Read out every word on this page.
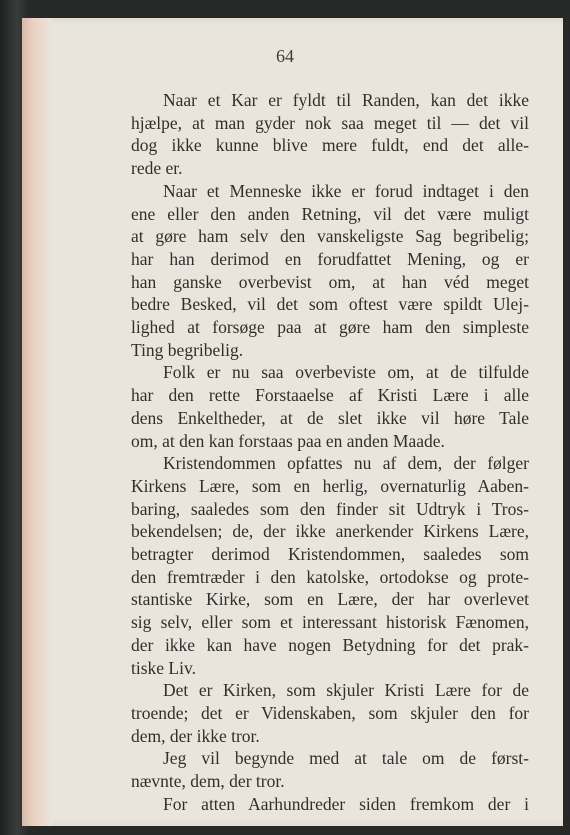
64
Naar et Kar er fyldt til Randen, kan det ikke
hjælpe, at man gyder nok saa meget til — det vil
dog ikke kunne blive mere fuldt, end det alle-
rede er.
Naar et Menneske ikke er forud indtaget i den
ene eller den anden Retning, vil det være muligt
at gøre ham selv den vanskeligste Sag begribelig;
har han derimod en forudfattet Mening, og er
han ganske overbevist om, at han véd meget
bedre Besked, vil det som oftest være spildt Ulej-
lighed at forsøge paa at gøre ham den simpleste
Ting begribelig.
Folk er nu saa overbeviste om, at de tilfulde
har den rette Forstaaelse af Kristi Lære i alle
dens Enkeltheder, at de slet ikke vil høre Tale
om, at den kan forstaas paa en anden Maade.
Kristendommen opfattes nu af dem, der følger
Kirkens Lære, som en herlig, overnaturlig Aaben-
baring, saaledes som den finder sit Udtryk i Tros-
bekendelsen; de, der ikke anerkender Kirkens Lære,
betragter derimod Kristendommen, saaledes som
den fremtræder i den katolske, ortodokse og prote-
stantiske Kirke, som en Lære, der har overlevet
sig selv, eller som et interessant historisk Fænomen,
der ikke kan have nogen Betydning for det prak-
tiske Liv.
Det er Kirken, som skjuler Kristi Lære for de
troende; det er Videnskaben, som skjuler den for
dem, der ikke tror.
Jeg vil begynde med at tale om de først-
nævnte, dem, der tror.
For atten Aarhundreder siden fremkom der i
